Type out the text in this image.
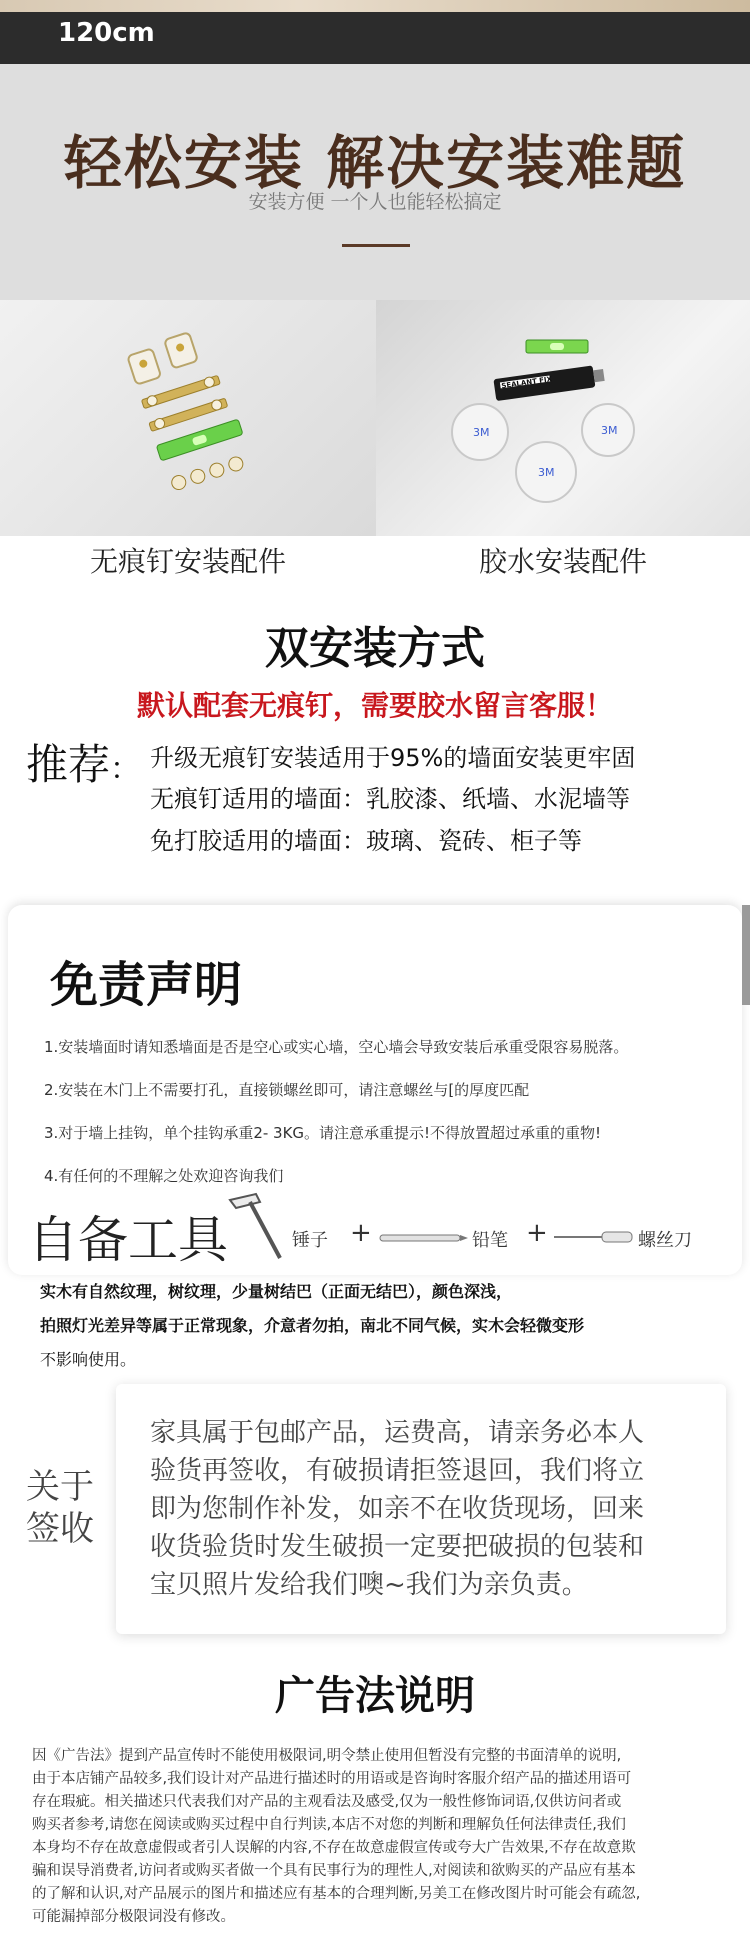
120cm
轻松安装 解决安装难题
安装方便 一个人也能轻松搞定
SEALANT FIX
3M	3M
3M
无痕钉安装配件	胶水安装配件
双安装方式
默认配套无痕钉，需要胶水留言客服！
推荐： 升级无痕钉安装适用于95%的墙面安装更牢固
无痕钉适用的墙面：乳胶漆、纸墙、水泥墙等
免打胶适用的墙面：玻璃、瓷砖、柜子等
免责声明
1.安装墙面时请知悉墙面是否是空心或实心墙，空心墙会导致安装后承重受限容易脱落。
2.安装在木门上不需要打孔，直接锁螺丝即可，请注意螺丝与[的厚度匹配
3.对于墙上挂钩，单个挂钩承重2- 3KG。请注意承重提示!不得放置超过承重的重物!
4.有任何的不理解之处欢迎咨询我们
自备工具	锤子 +	铅笔 +	螺丝刀
实木有自然纹理，树纹理，少量树结巴（正面无结巴），颜色深浅，
拍照灯光差异等属于正常现象，介意者勿拍，南北不同气候，实木会轻微变形
不影响使用。
关于签收
家具属于包邮产品，运费高，请亲务必本人
验货再签收，有破损请拒签退回，我们将立
即为您制作补发，如亲不在收货现场，回来
收货验货时发生破损一定要把破损的包装和
宝贝照片发给我们噢~我们为亲负责。
广告法说明
因《广告法》提到产品宣传时不能使用极限词,明令禁止使用但暂没有完整的书面清单的说明,
由于本店铺产品较多,我们设计对产品进行描述时的用语或是咨询时客服介绍产品的描述用语可
存在瑕疵。相关描述只代表我们对产品的主观看法及感受,仅为一般性修饰词语,仅供访问者或
购买者参考,请您在阅读或购买过程中自行判读,本店不对您的判断和理解负任何法律责任,我们
本身均不存在故意虚假或者引人误解的内容,不存在故意虚假宣传或夸大广告效果,不存在故意欺
骗和误导消费者,访问者或购买者做一个具有民事行为的理性人,对阅读和欲购买的产品应有基本
的了解和认识,对产品展示的图片和描述应有基本的合理判断,另美工在修改图片时可能会有疏忽,
可能漏掉部分极限词没有修改。
